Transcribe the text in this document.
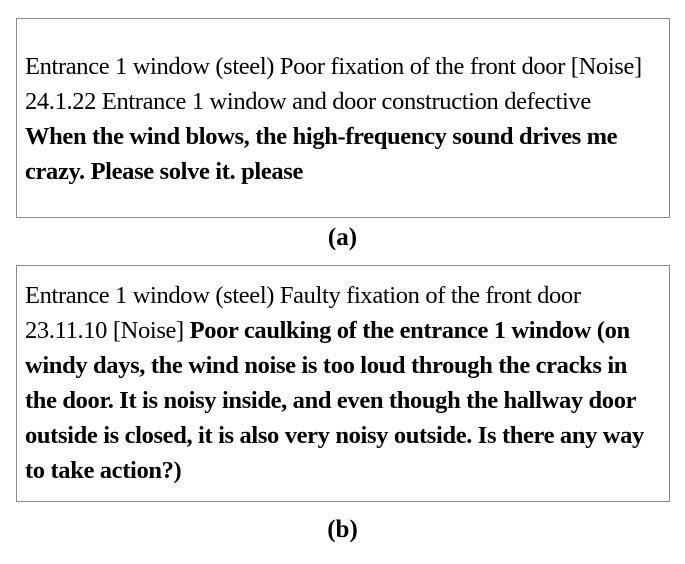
Entrance 1 window (steel) Poor fixation of the front door [Noise]
24.1.22 Entrance 1 window and door construction defective
When the wind blows, the high-frequency sound drives me crazy. Please solve it. please
(a)
Entrance 1 window (steel) Faulty fixation of the front door
23.11.10 [Noise] Poor caulking of the entrance 1 window (on windy days, the wind noise is too loud through the cracks in the door. It is noisy inside, and even though the hallway door outside is closed, it is also very noisy outside. Is there any way to take action?)
(b)
